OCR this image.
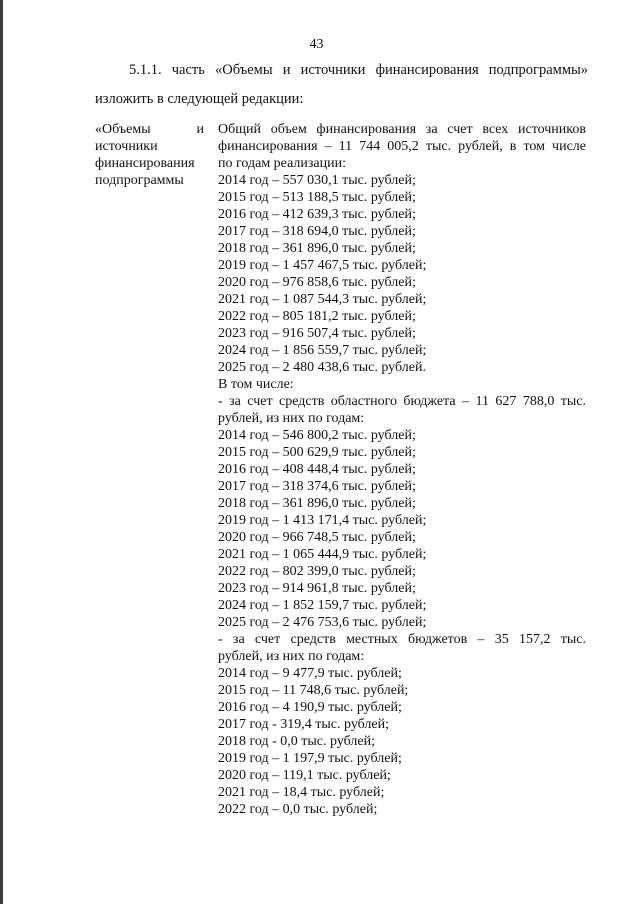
43
5.1.1. часть «Объемы и источники финансирования подпрограммы»
изложить в следующей редакции:
«Объемы и
источники
финансирования
подпрограммы
Общий объем финансирования за счет всех источников
финансирования – 11 744 005,2 тыс. рублей, в том числе
по годам реализации:
2014 год – 557 030,1 тыс. рублей;
2015 год – 513 188,5 тыс. рублей;
2016 год – 412 639,3 тыс. рублей;
2017 год – 318 694,0 тыс. рублей;
2018 год – 361 896,0 тыс. рублей;
2019 год – 1 457 467,5 тыс. рублей;
2020 год – 976 858,6 тыс. рублей;
2021 год – 1 087 544,3 тыс. рублей;
2022 год – 805 181,2 тыс. рублей;
2023 год – 916 507,4 тыс. рублей;
2024 год – 1 856 559,7 тыс. рублей;
2025 год – 2 480 438,6 тыс. рублей.
В том числе:
- за счет средств областного бюджета – 11 627 788,0 тыс.
рублей, из них по годам:
2014 год – 546 800,2 тыс. рублей;
2015 год – 500 629,9 тыс. рублей;
2016 год – 408 448,4 тыс. рублей;
2017 год – 318 374,6 тыс. рублей;
2018 год – 361 896,0 тыс. рублей;
2019 год – 1 413 171,4 тыс. рублей;
2020 год – 966 748,5 тыс. рублей;
2021 год – 1 065 444,9 тыс. рублей;
2022 год – 802 399,0 тыс. рублей;
2023 год – 914 961,8 тыс. рублей;
2024 год – 1 852 159,7 тыс. рублей;
2025 год – 2 476 753,6 тыс. рублей;
- за счет средств местных бюджетов – 35 157,2 тыс.
рублей, из них по годам:
2014 год – 9 477,9 тыс. рублей;
2015 год – 11 748,6 тыс. рублей;
2016 год – 4 190,9 тыс. рублей;
2017 год - 319,4 тыс. рублей;
2018 год - 0,0 тыс. рублей;
2019 год – 1 197,9 тыс. рублей;
2020 год – 119,1 тыс. рублей;
2021 год – 18,4 тыс. рублей;
2022 год – 0,0 тыс. рублей;
